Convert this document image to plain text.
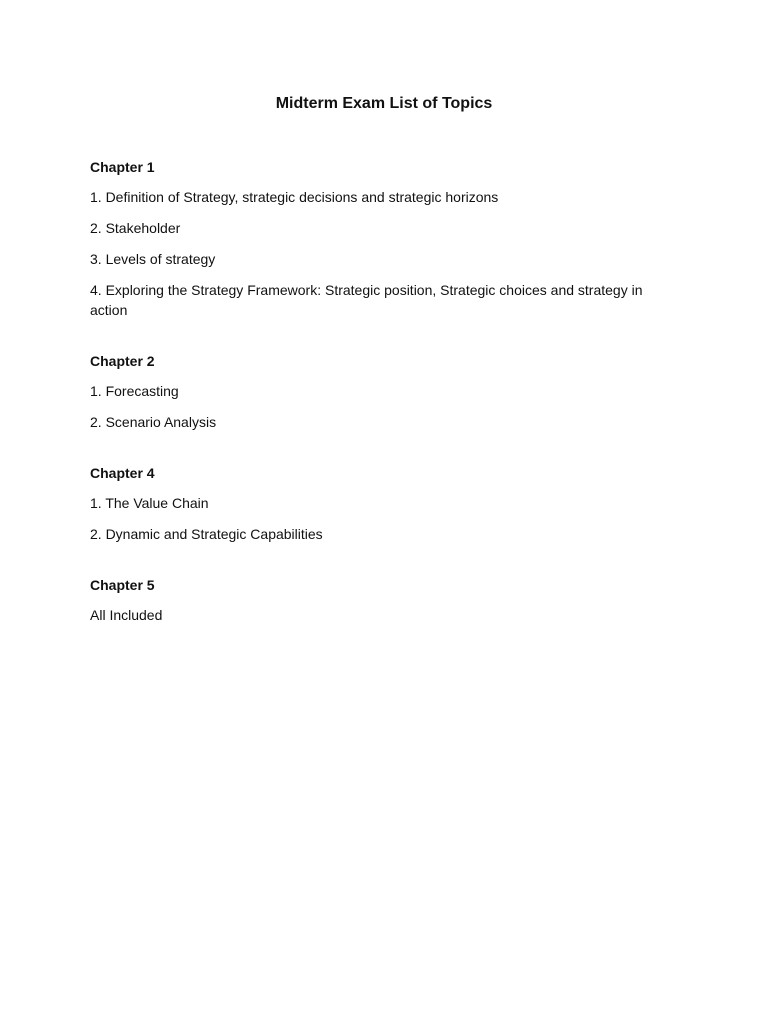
Midterm Exam List of Topics
Chapter 1
1. Definition of Strategy, strategic decisions and strategic horizons
2. Stakeholder
3. Levels of strategy
4. Exploring the Strategy Framework: Strategic position, Strategic choices and strategy in action
Chapter 2
1. Forecasting
2. Scenario Analysis
Chapter 4
1. The Value Chain
2. Dynamic and Strategic Capabilities
Chapter 5
All Included
